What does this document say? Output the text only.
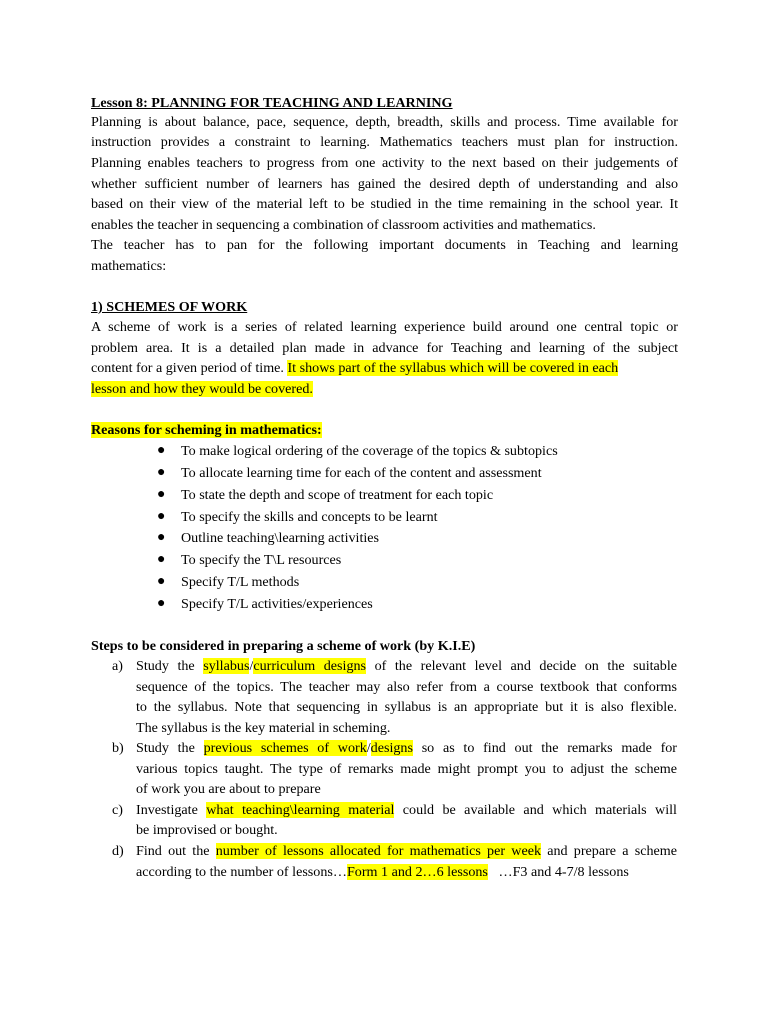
Lesson 8: PLANNING FOR TEACHING AND LEARNING
Planning is about balance, pace, sequence, depth, breadth, skills and process. Time available for
instruction provides a constraint to learning. Mathematics teachers must plan for instruction.
Planning enables teachers to progress from one activity to the next based on their judgements of
whether sufficient number of learners has gained the desired depth of understanding and also
based on their view of the material left to be studied in the time remaining in the school year. It
enables the teacher in sequencing a combination of classroom activities and mathematics.
The teacher has to pan for the following important documents in Teaching and learning
mathematics:
1) SCHEMES OF WORK
A scheme of work is a series of related learning experience build around one central topic or
problem area. It is a detailed plan made in advance for Teaching and learning of the subject
content for a given period of time. It shows part of the syllabus which will be covered in each
lesson and how they would be covered.
Reasons for scheming in mathematics:
● To make logical ordering of the coverage of the topics & subtopics
● To allocate learning time for each of the content and assessment
● To state the depth and scope of treatment for each topic
● To specify the skills and concepts to be learnt
● Outline teaching\learning activities
● To specify the T\L resources
● Specify T/L methods
● Specify T/L activities/experiences
Steps to be considered in preparing a scheme of work (by K.I.E)
a) Study the syllabus/curriculum designs of the relevant level and decide on the suitable
sequence of the topics. The teacher may also refer from a course textbook that conforms
to the syllabus. Note that sequencing in syllabus is an appropriate but it is also flexible.
The syllabus is the key material in scheming.
b) Study the previous schemes of work/designs so as to find out the remarks made for
various topics taught. The type of remarks made might prompt you to adjust the scheme
of work you are about to prepare
c) Investigate what teaching\learning material could be available and which materials will
be improvised or bought.
d) Find out the number of lessons allocated for mathematics per week and prepare a scheme
according to the number of lessons…Form 1 and 2…6 lessons …F3 and 4-7/8 lessons
